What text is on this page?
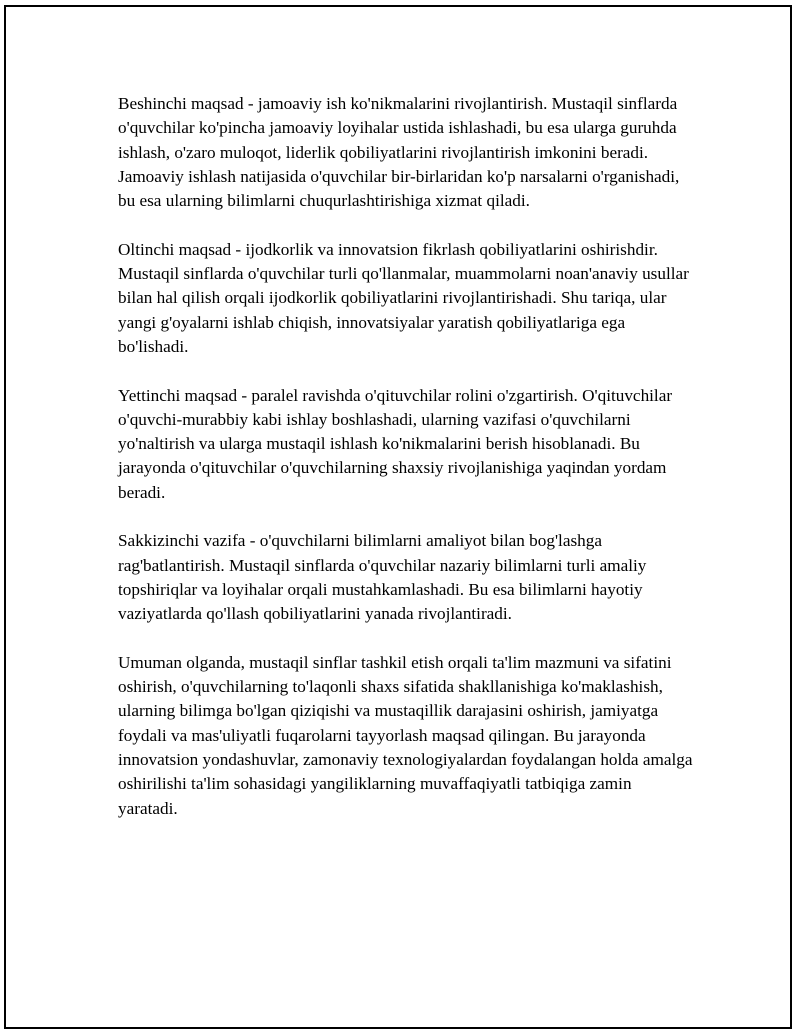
Beshinchi maqsad - jamoaviy ish ko'nikmalarini rivojlantirish. Mustaqil sinflarda o'quvchilar ko'pincha jamoaviy loyihalar ustida ishlashadi, bu esa ularga guruhda ishlash, o'zaro muloqot, liderlik qobiliyatlarini rivojlantirish imkonini beradi. Jamoaviy ishlash natijasida o'quvchilar bir-birlaridan ko'p narsalarni o'rganishadi, bu esa ularning bilimlarni chuqurlashtirishiga xizmat qiladi.

Oltinchi maqsad - ijodkorlik va innovatsion fikrlash qobiliyatlarini oshirishdir. Mustaqil sinflarda o'quvchilar turli qo'llanmalar, muammolarni noan'anaviy usullar bilan hal qilish orqali ijodkorlik qobiliyatlarini rivojlantirishadi. Shu tariqa, ular yangi g'oyalarni ishlab chiqish, innovatsiyalar yaratish qobiliyatlariga ega bo'lishadi.

Yettinchi maqsad - paralel ravishda o'qituvchilar rolini o'zgartirish. O'qituvchilar o'quvchi-murabbiy kabi ishlay boshlashadi, ularning vazifasi o'quvchilarni yo'naltirish va ularga mustaqil ishlash ko'nikmalarini berish hisoblanadi. Bu jarayonda o'qituvchilar o'quvchilarning shaxsiy rivojlanishiga yaqindan yordam beradi.

Sakkizinchi vazifa - o'quvchilarni bilimlarni amaliyot bilan bog'lashga rag'batlantirish. Mustaqil sinflarda o'quvchilar nazariy bilimlarni turli amaliy topshiriqlar va loyihalar orqali mustahkamlashadi. Bu esa bilimlarni hayotiy vaziyatlarda qo'llash qobiliyatlarini yanada rivojlantiradi.

Umuman olganda, mustaqil sinflar tashkil etish orqali ta'lim mazmuni va sifatini oshirish, o'quvchilarning to'laqonli shaxs sifatida shakllanishiga ko'maklashish, ularning bilimga bo'lgan qiziqishi va mustaqillik darajasini oshirish, jamiyatga foydali va mas'uliyatli fuqarolarni tayyorlash maqsad qilingan. Bu jarayonda innovatsion yondashuvlar, zamonaviy texnologiyalardan foydalangan holda amalga oshirilishi ta'lim sohasidagi yangiliklarning muvaffaqiyatli tatbiqiga zamin yaratadi.
